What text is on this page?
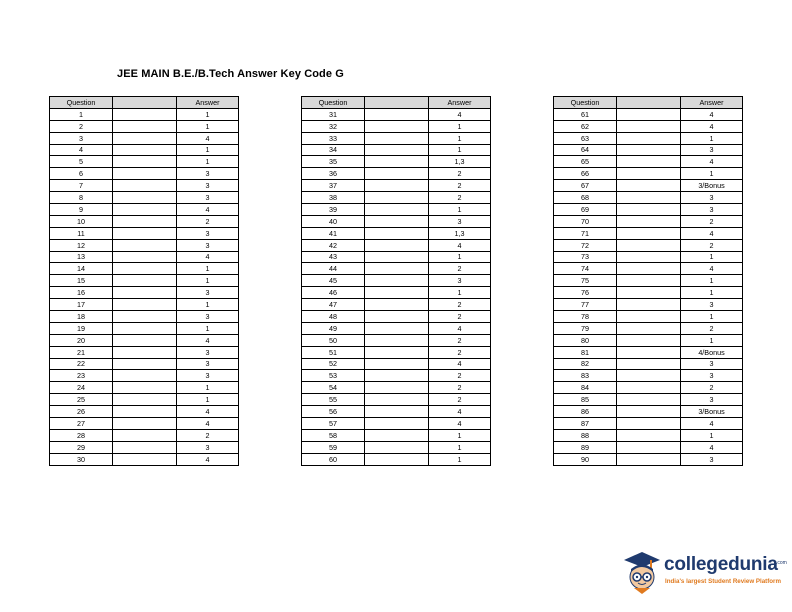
JEE MAIN B.E./B.Tech Answer Key Code G
Question		Answer
1		1
2		1
3		4
4		1
5		1
6		3
7		3
8		3
9		4
10		2
11		3
12		3
13		4
14		1
15		1
16		3
17		1
18		3
19		1
20		4
21		3
22		3
23		3
24		1
25		1
26		4
27		4
28		2
29		3
30		4
Question		Answer
31		4
32		1
33		1
34		1
35		1,3
36		2
37		2
38		2
39		1
40		3
41		1,3
42		4
43		1
44		2
45		3
46		1
47		2
48		2
49		4
50		2
51		2
52		4
53		2
54		2
55		2
56		4
57		4
58		1
59		1
60		1
Question		Answer
61		4
62		4
63		1
64		3
65		4
66		1
67		3/Bonus
68		3
69		3
70		2
71		4
72		2
73		1
74		4
75		1
76		1
77		3
78		1
79		2
80		1
81		4/Bonus
82		3
83		3
84		2
85		3
86		3/Bonus
87		4
88		1
89		4
90		3
collegedunia
.com
India's largest Student Review Platform
